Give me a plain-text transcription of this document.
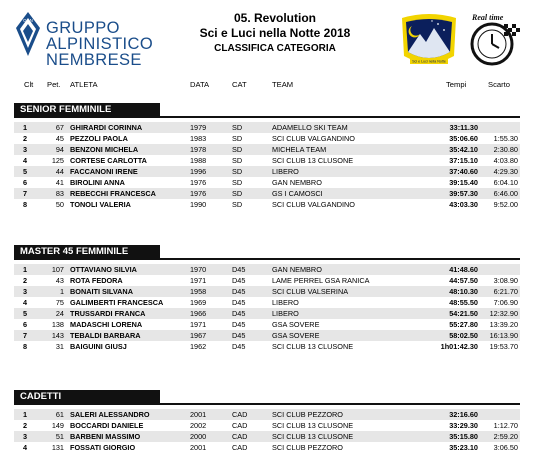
GAN GRUPPO
ALPINISTICO
NEMBRESE
05. Revolution
Sci e Luci nella Notte 2018
CLASSIFICA CATEGORIA
Sci e Luci nella Notte
Real time
Clt Pet. ATLETA	DATA	CAT	TEAM	Tempi	Scarto
SENIOR FEMMINILE
1	67 GHIRARDI CORINNA	1979	SD	ADAMELLO SKI TEAM	33:11.30
2	45 PEZZOLI PAOLA	1983	SD	SCI CLUB VALGANDINO	35:06.60	1:55.30
3	94 BENZONI MICHELA	1978	SD	MICHELA TEAM	35:42.10	2:30.80
4	125 CORTESE CARLOTTA	1988	SD	SCI CLUB 13 CLUSONE	37:15.10	4:03.80
5	44 FACCANONI IRENE	1996	SD	LIBERO	37:40.60	4:29.30
6	41 BIROLINI ANNA	1976	SD	GAN NEMBRO	39:15.40	6:04.10
7	83 REBECCHI FRANCESCA	1976	SD	GS I CAMOSCI	39:57.30	6:46.00
8	50 TONOLI VALERIA	1990	SD	SCI CLUB VALGANDINO	43:03.30	9:52.00
MASTER 45 FEMMINILE
1	107 OTTAVIANO SILVIA	1970	D45	GAN NEMBRO	41:48.60
2	43 ROTA FEDORA	1971	D45	LAME PERREL GSA RANICA	44:57.50	3:08.90
3	1 BONAITI SILVANA	1958	D45	SCI CLUB VALSERINA	48:10.30	6:21.70
4	75 GALIMBERTI FRANCESCA	1969	D45	LIBERO	48:55.50	7:06.90
5	24 TRUSSARDI FRANCA	1966	D45	LIBERO	54:21.50	12:32.90
6	138 MADASCHI LORENA	1971	D45	GSA SOVERE	55:27.80	13:39.20
7	143 TEBALDI BARBARA	1967	D45	GSA SOVERE	58:02.50	16:13.90
8	31 BAIGUINI GIUSJ	1962	D45	SCI CLUB 13 CLUSONE	1h01:42.30	19:53.70
CADETTI
1	61 SALERI ALESSANDRO	2001	CAD	SCI CLUB PEZZORO	32:16.60
2	149 BOCCARDI DANIELE	2002	CAD	SCI CLUB 13 CLUSONE	33:29.30	1:12.70
3	51 BARBENI MASSIMO	2000	CAD	SCI CLUB 13 CLUSONE	35:15.80	2:59.20
4	131 FOSSATI GIORGIO	2001	CAD	SCI CLUB PEZZORO	35:23.10	3:06.50
